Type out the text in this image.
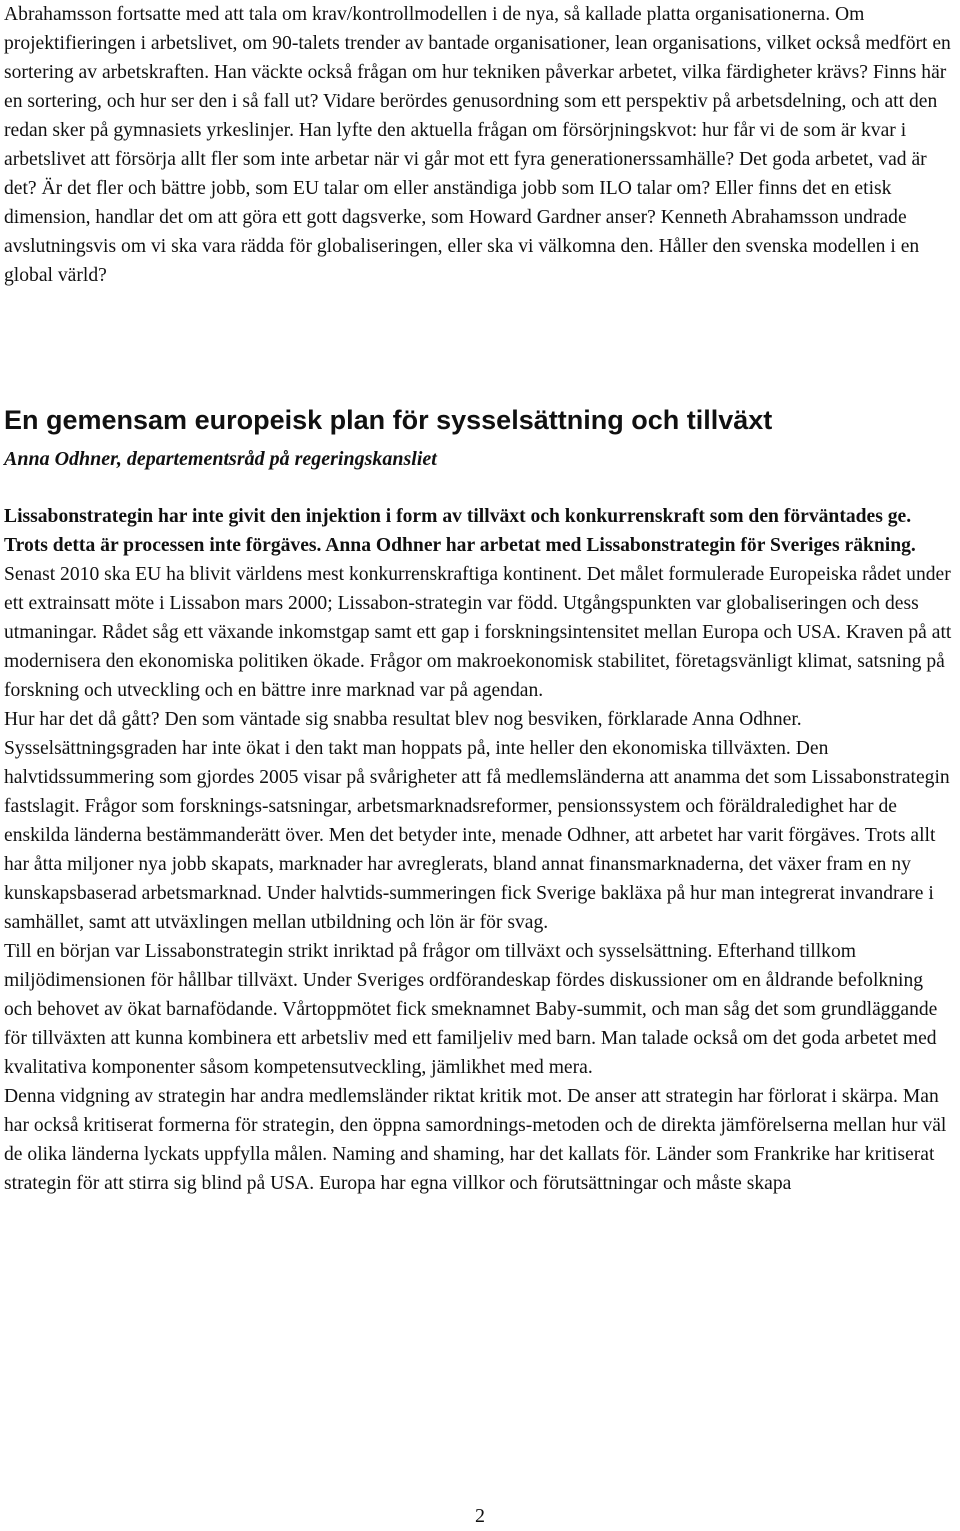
Abrahamsson fortsatte med att tala om krav/kontrollmodellen i de nya, så kallade platta organisationerna. Om projektifieringen i arbetslivet, om 90-talets trender av bantade organisationer, lean organisations, vilket också medfört en sortering av arbetskraften. Han väckte också frågan om hur tekniken påverkar arbetet, vilka färdigheter krävs? Finns här en sortering, och hur ser den i så fall ut? Vidare berördes genusordning som ett perspektiv på arbetsdelning, och att den redan sker på gymnasiets yrkeslinjer. Han lyfte den aktuella frågan om försörjningskvot: hur får vi de som är kvar i arbetslivet att försörja allt fler som inte arbetar när vi går mot ett fyra generationerssamhälle? Det goda arbetet, vad är det? Är det fler och bättre jobb, som EU talar om eller anständiga jobb som ILO talar om? Eller finns det en etisk dimension, handlar det om att göra ett gott dagsverke, som Howard Gardner anser? Kenneth Abrahamsson undrade avslutningsvis om vi ska vara rädda för globaliseringen, eller ska vi välkomna den. Håller den svenska modellen i en global värld?

En gemensam europeisk plan för sysselsättning och tillväxt

Anna Odhner, departementsråd på regeringskansliet

Lissabonstrategin har inte givit den injektion i form av tillväxt och konkurrenskraft som den förväntades ge. Trots detta är processen inte förgäves. Anna Odhner har arbetat med Lissabonstrategin för Sveriges räkning.

Senast 2010 ska EU ha blivit världens mest konkurrenskraftiga kontinent. Det målet formulerade Europeiska rådet under ett extrainsatt möte i Lissabon mars 2000; Lissabon-strategin var född. Utgångspunkten var globaliseringen och dess utmaningar. Rådet såg ett växande inkomstgap samt ett gap i forskningsintensitet mellan Europa och USA. Kraven på att modernisera den ekonomiska politiken ökade. Frågor om makroekonomisk stabilitet, företagsvänligt klimat, satsning på forskning och utveckling och en bättre inre marknad var på agendan.

Hur har det då gått? Den som väntade sig snabba resultat blev nog besviken, förklarade Anna Odhner. Sysselsättningsgraden har inte ökat i den takt man hoppats på, inte heller den ekonomiska tillväxten. Den halvtidssummering som gjordes 2005 visar på svårigheter att få medlemsländerna att anamma det som Lissabonstrategin fastslagit. Frågor som forsknings-satsningar, arbetsmarknadsreformer, pensionssystem och föräldraledighet har de enskilda länderna bestämmanderätt över. Men det betyder inte, menade Odhner, att arbetet har varit förgäves. Trots allt har åtta miljoner nya jobb skapats, marknader har avreglerats, bland annat finansmarknaderna, det växer fram en ny kunskapsbaserad arbetsmarknad. Under halvtids-summeringen fick Sverige bakläxa på hur man integrerat invandrare i samhället, samt att utväxlingen mellan utbildning och lön är för svag.

Till en början var Lissabonstrategin strikt inriktad på frågor om tillväxt och sysselsättning. Efterhand tillkom miljödimensionen för hållbar tillväxt. Under Sveriges ordförandeskap fördes diskussioner om en åldrande befolkning och behovet av ökat barnafödande. Vårtoppmötet fick smeknamnet Baby-summit, och man såg det som grundläggande för tillväxten att kunna kombinera ett arbetsliv med ett familjeliv med barn. Man talade också om det goda arbetet med kvalitativa komponenter såsom kompetensutveckling, jämlikhet med mera.

Denna vidgning av strategin har andra medlemsländer riktat kritik mot. De anser att strategin har förlorat i skärpa. Man har också kritiserat formerna för strategin, den öppna samordnings-metoden och de direkta jämförelserna mellan hur väl de olika länderna lyckats uppfylla målen. Naming and shaming, har det kallats för. Länder som Frankrike har kritiserat strategin för att stirra sig blind på USA. Europa har egna villkor och förutsättningar och måste skapa

2
